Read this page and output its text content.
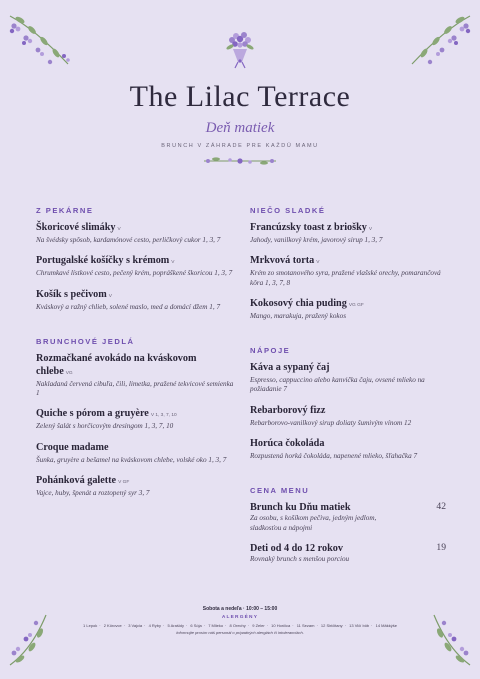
The Lilac Terrace
Deň matiek
BRUNCH V ZÁHRADE PRE KAŽDÚ MAMU
Z PEKÁRNE
Škoricové slimáky V
Na švédsky spôsob, kardamónové cesto, perličkový cukor 1, 3, 7
Portugalské košíčky s krémom V
Chrumkavé lístkové cesto, pečený krém, popráškené škoricou 1, 3, 7
Košík s pečivom V
Kváskový a ražný chlieb, solené maslo, med a domácí džem 1, 7
BRUNCHOVÉ JEDLÁ
Rozmačkané avokádo na kváskovom chlebe VG
Nakladaná červená cibuľa, čili, limetka, pražené tekvicové semienka 1
Quiche s pórom a gruyère V 1, 3, 7, 10
Zelený šalát s horčicovým dresingom 1, 3, 7, 10
Croque madame
Šunka, gruyère a bešamel na kváskovom chlebe, volské oko 1, 3, 7
Pohánková galette V GF
Vajce, huby, špenát a roztopený syr 3, 7
NIEČO SLADKÉ
Francúzsky toast z briošky V
Jahody, vanilkový krém, javorový sirup 1, 3, 7
Mrkvová torta V
Krém zo smotanového syra, pražené vlašské orechy, pomarančová kôra 1, 3, 7, 8
Kokosový chia puding VG GF
Mango, marakuja, pražený kokos
NÁPOJE
Káva a sypaný čaj
Espresso, cappuccino alebo kanvička čaju, ovsené mlieko na požiadanie 7
Rebarborový fizz
Rebarborovo-vanilkový sirup doliaty šumivým vínom 12
Horúca čokoláda
Rozpustená horká čokoláda, napenené mlieko, šľahačka 7
CENA MENU
Brunch ku Dňu matiek	42
Za osobu, s košíkom pečiva, jedným jedlom, sladkosťou a nápojmi
Deti od 4 do 12 rokov	19
Rovnaký brunch s menšou porciou
Sobota a nedeľa · 10:00 – 15:00
ALERGÉNY
1 Lepok · 2 Kôrovce · 3 Vajcia · 4 Ryby · 5 Arašidy · 6 Sója · 7 Mlieko · 8 Orechy · 9 Zeler · 10 Horčica · 11 Sezam · 12 Siričitany · 13 Vlčí bôb · 14 Mäkkýše
Informujte prosím náš personál o prípadných alergiách či intoleranciách.
